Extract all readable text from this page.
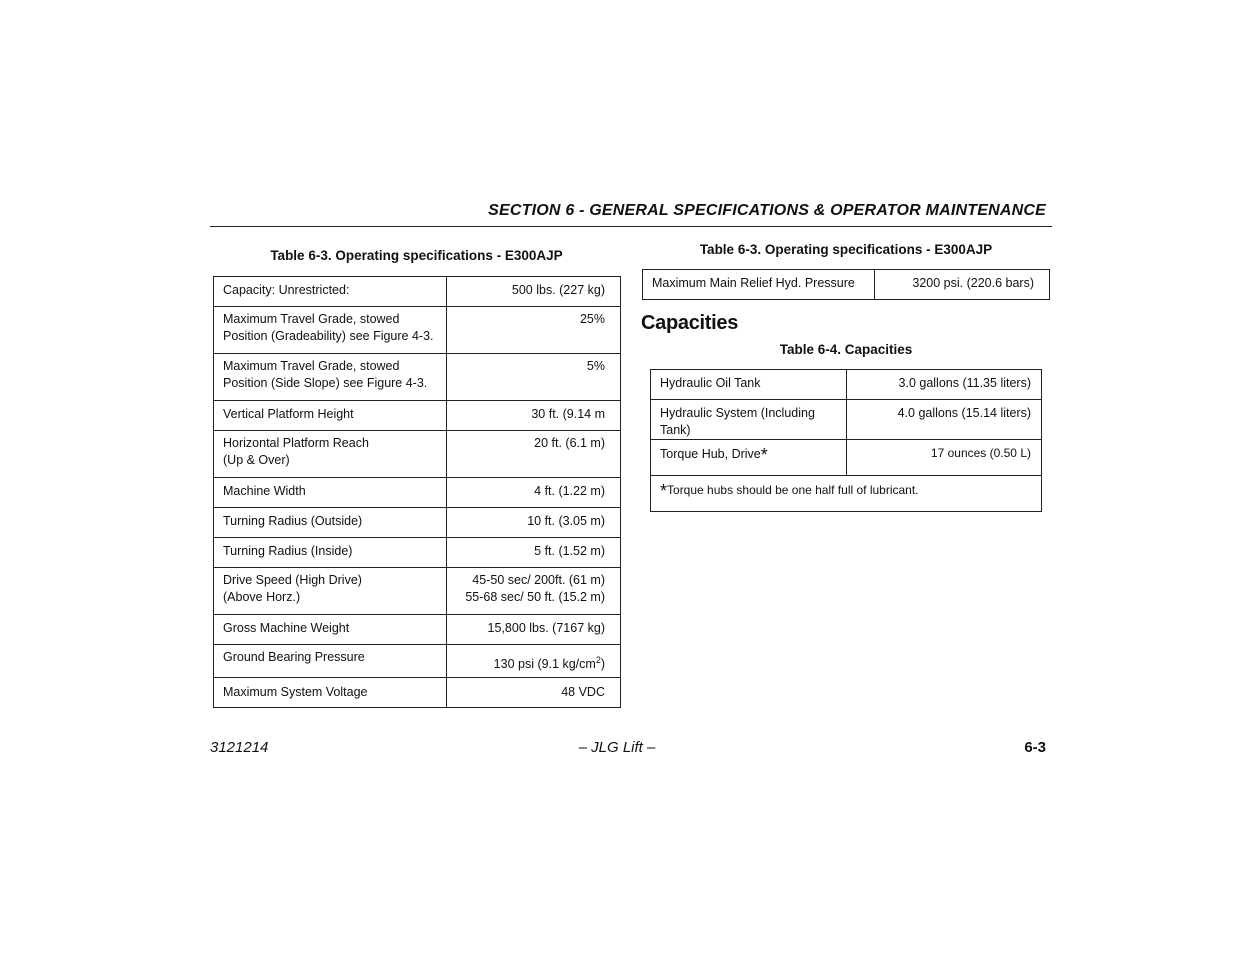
SECTION 6 - GENERAL SPECIFICATIONS & OPERATOR MAINTENANCE
Table 6-3. Operating specifications - E300AJP
Capacity: Unrestricted:	500 lbs. (227 kg)

Maximum Travel Grade, stowed
Position (Gradeability) see Figure 4-3.	25%

Maximum Travel Grade, stowed
Position (Side Slope) see Figure 4-3.	5%

Vertical Platform Height	30 ft. (9.14 m

Horizontal Platform Reach
(Up & Over)	20 ft. (6.1 m)

Machine Width	4 ft. (1.22 m)

Turning Radius (Outside)	10 ft. (3.05 m)

Turning Radius (Inside)	5 ft. (1.52 m)

Drive Speed (High Drive)
(Above Horz.)	45-50 sec/ 200ft. (61 m)
55-68 sec/ 50 ft. (15.2 m)

Gross Machine Weight	15,800 lbs. (7167 kg)

Ground Bearing Pressure	130 psi (9.1 $kg/cm^2$)
Maximum System Voltage	48 VDC
Table 6-3. Operating specifications - E300AJP
Maximum Main Relief Hyd. Pressure	3200 psi. (220.6 bars)
Capacities
Table 6-4. Capacities
Hydraulic Oil Tank	3.0 gallons (11.35 liters)
Hydraulic System (Including Tank)	4.0 gallons (15.14 liters)
Torque Hub, Drive*	17 ounces (0.50 L)
*Torque hubs should be one half full of lubricant.	
3121214	– JLG Lift –	6-3
